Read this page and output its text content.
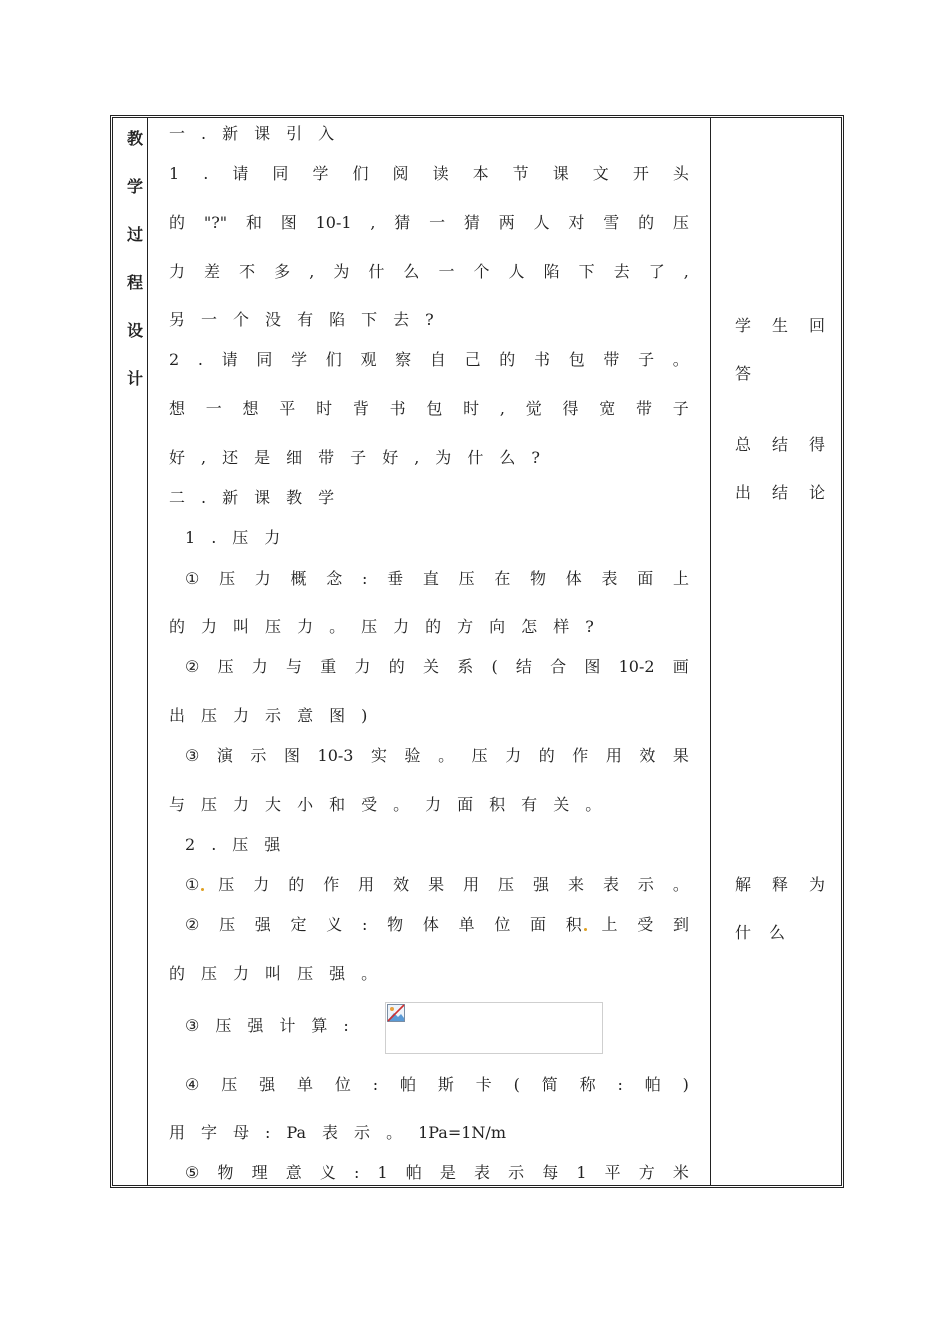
教
学
过
程
设
计
一 . 新 课 引 入
1 . 请 同 学 们 阅 读 本 节 课 文 开 头
的 "?" 和 图 10-1 , 猜 一 猜 两 人 对 雪 的 压
力 差 不 多 , 为 什 么 一 个 人 陷 下 去 了 ,
另 一 个 没 有 陷 下 去 ?
2 . 请 同 学 们 观 察 自 己 的 书 包 带 子 。
想 一 想 平 时 背 书 包 时 , 觉 得 宽 带 子
好 , 还 是 细 带 子 好 , 为 什 么 ?
二 . 新 课 教 学
1 . 压 力
① 压 力 概 念 : 垂 直 压 在 物 体 表 面 上
的 力 叫 压 力 。 压 力 的 方 向 怎 样 ?
② 压 力 与 重 力 的 关 系 ( 结 合 图 10-2 画
出 压 力 示 意 图 )
③ 演 示 图 10-3 实 验 。 压 力 的 作 用 效 果
与 压 力 大 小 和 受 。 力 面 积 有 关 。
2 . 压 强
① 压 力 的 作 用 效 果 用 压 强 来 表 示 。
② 压 强 定 义 : 物 体 单 位 面 积 上 受 到
的 压 力 叫 压 强 。
③ 压 强 计 算 :
④ 压 强 单 位 : 帕 斯 卡 ( 简 称 : 帕 )
用 字 母 : Pa 表 示 。 1Pa=1N/m
⑤ 物 理 意 义 : 1 帕 是 表 示 每 1 平 方 米
学 生 回
答
总 结 得
出 结 论
解 释 为
什 么
